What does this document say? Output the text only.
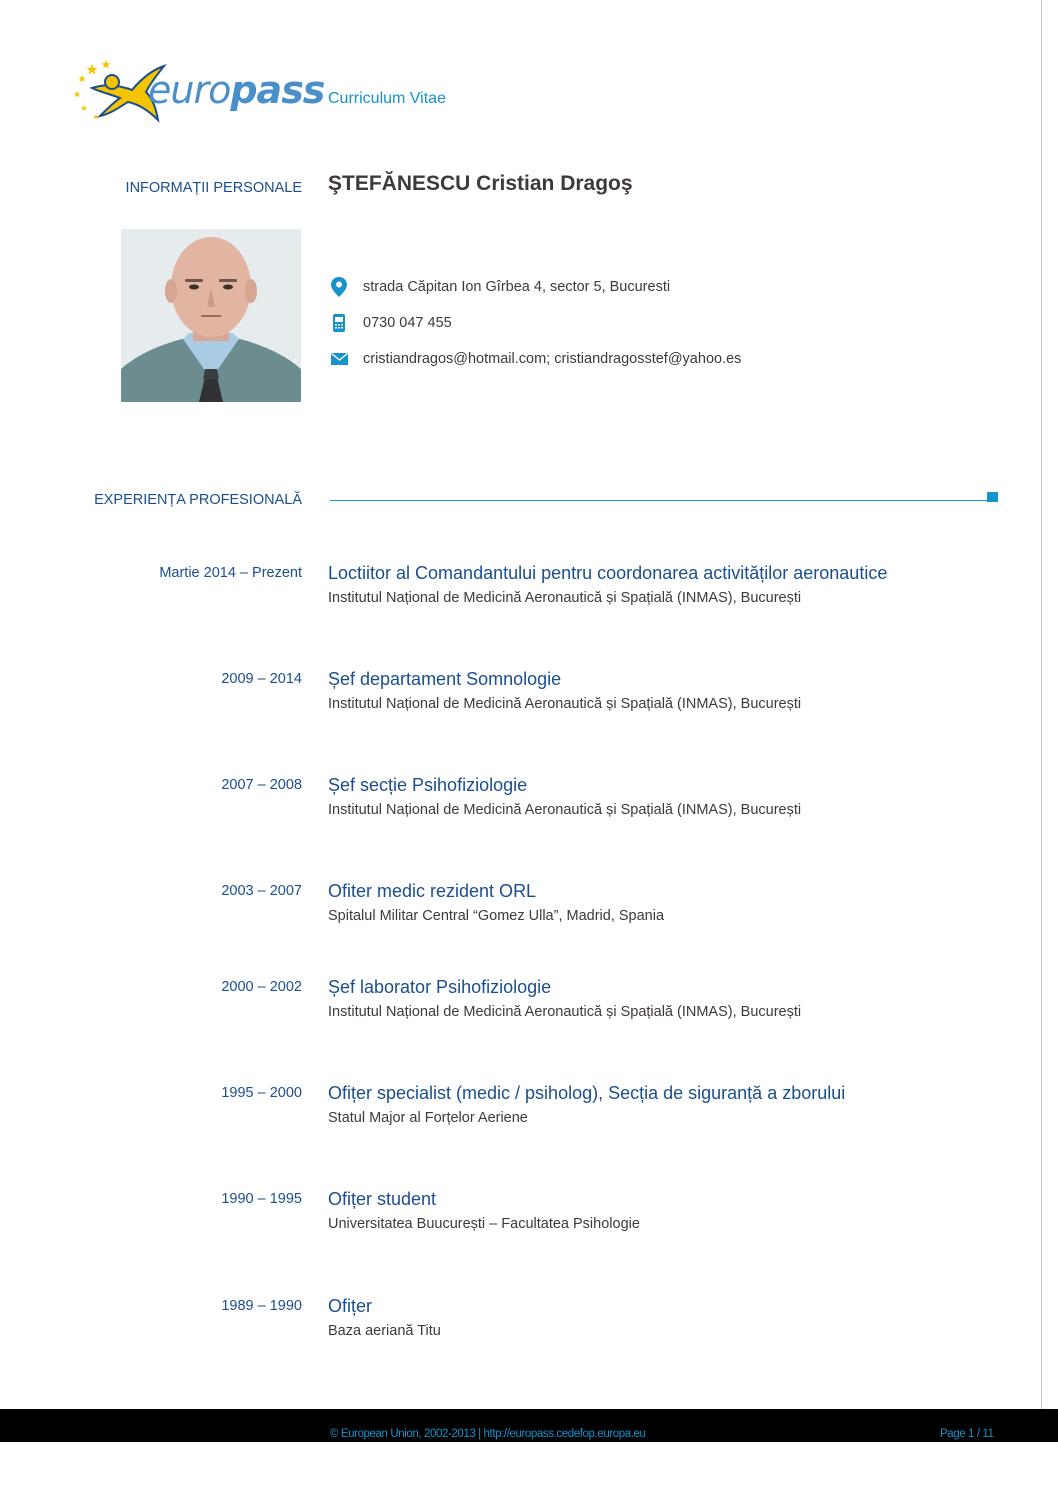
europass Curriculum Vitae
INFORMAȚII PERSONALE ŞTEFĂNESCU Cristian Dragoş
strada Căpitan Ion Gîrbea 4, sector 5, Bucuresti
0730 047 455
cristiandragos@hotmail.com; cristiandragosstef@yahoo.es
EXPERIENȚA PROFESIONALĂ
Martie 2014 – Prezent Loctiitor al Comandantului pentru coordonarea activităților aeronautice
Institutul Național de Medicină Aeronautică și Spațială (INMAS), București
2009 – 2014 Șef departament Somnologie
Institutul Național de Medicină Aeronautică și Spațială (INMAS), București
2007 – 2008 Șef secție Psihofiziologie
Institutul Național de Medicină Aeronautică și Spațială (INMAS), București
2003 – 2007 Ofiter medic rezident ORL
Spitalul Militar Central “Gomez Ulla”, Madrid, Spania
2000 – 2002 Șef laborator Psihofiziologie
Institutul Național de Medicină Aeronautică și Spațială (INMAS), București
1995 – 2000 Ofițer specialist (medic / psiholog), Secția de siguranță a zborului
Statul Major al Forțelor Aeriene
1990 – 1995 Ofițer student
Universitatea Buucurești – Facultatea Psihologie
1989 – 1990 Ofițer
Baza aeriană Titu
© European Union, 2002-2013 | http://europass.cedefop.europa.eu	Page 1 / 11
